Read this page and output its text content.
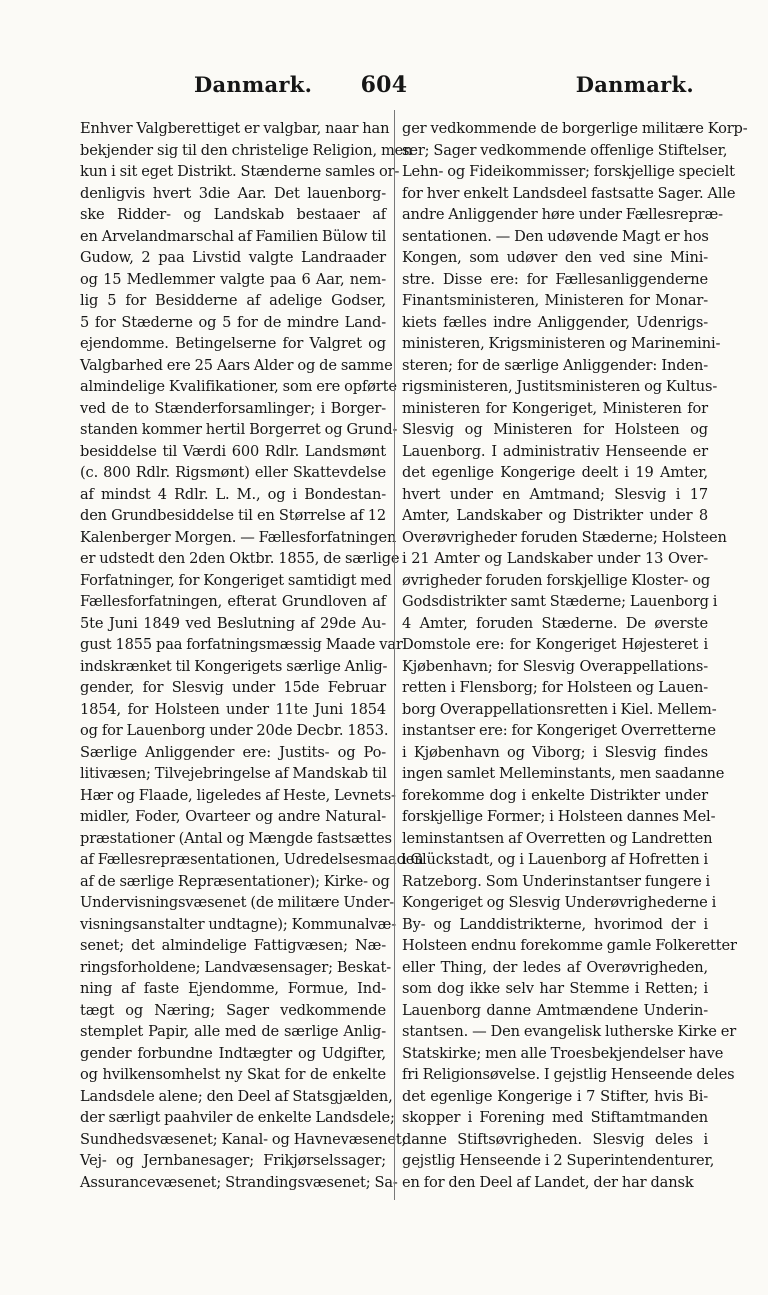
Danmark.	604	Danmark.
Enhver Valgberettiget er valgbar, naar han
bekjender sig til den christelige Religion, men
kun i sit eget Distrikt. Stænderne samles or-
denligvis hvert 3die Aar. Det lauenborg-
ske Ridder- og Landskab bestaaer af
en Arvelandmarschal af Familien Bülow til
Gudow, 2 paa Livstid valgte Landraader
og 15 Medlemmer valgte paa 6 Aar, nem-
lig 5 for Besidderne af adelige Godser,
5 for Stæderne og 5 for de mindre Land-
ejendomme. Betingelserne for Valgret og
Valgbarhed ere 25 Aars Alder og de samme
almindelige Kvalifikationer, som ere opførte
ved de to Stænderforsamlinger; i Borger-
standen kommer hertil Borgerret og Grund-
besiddelse til Værdi 600 Rdlr. Landsmønt
(c. 800 Rdlr. Rigsmønt) eller Skattevdelse
af mindst 4 Rdlr. L. M., og i Bondestan-
den Grundbesiddelse til en Størrelse af 12
Kalenberger Morgen. — Fællesforfatningen
er udstedt den 2den Oktbr. 1855, de særlige
Forfatninger, for Kongeriget samtidigt med
Fællesforfatningen, efterat Grundloven af
5te Juni 1849 ved Beslutning af 29de Au-
gust 1855 paa forfatningsmæssig Maade var
indskrænket til Kongerigets særlige Anlig-
gender, for Slesvig under 15de Februar
1854, for Holsteen under 11te Juni 1854
og for Lauenborg under 20de Decbr. 1853.
Særlige Anliggender ere: Justits- og Po-
litivæsen; Tilvejebringelse af Mandskab til
Hær og Flaade, ligeledes af Heste, Levnets-
midler, Foder, Ovarteer og andre Natural-
præstationer (Antal og Mængde fastsættes
af Fællesrepræsentationen, Udredelsesmaaden
af de særlige Repræsentationer); Kirke- og
Undervisningsvæsenet (de militære Under-
visningsanstalter undtagne); Kommunalvæ-
senet; det almindelige Fattigvæsen; Næ-
ringsforholdene; Landvæsensager; Beskat-
ning af faste Ejendomme, Formue, Ind-
tægt og Næring; Sager vedkommende
stemplet Papir, alle med de særlige Anlig-
gender forbundne Indtægter og Udgifter,
og hvilkensomhelst ny Skat for de enkelte
Landsdele alene; den Deel af Statsgjælden,
der særligt paahviler de enkelte Landsdele;
Sundhedsvæsenet; Kanal- og Havnevæsenet;
Vej- og Jernbanesager; Frikjørselssager;
Assurancevæsenet; Strandingsvæsenet; Sa-
ger vedkommende de borgerlige militære Korp-
ser; Sager vedkommende offenlige Stiftelser,
Lehn- og Fideikommisser; forskjellige specielt
for hver enkelt Landsdeel fastsatte Sager. Alle
andre Anliggender høre under Fællesrepræ-
sentationen. — Den udøvende Magt er hos
Kongen, som udøver den ved sine Mini-
stre. Disse ere: for Fællesanliggenderne
Finantsministeren, Ministeren for Monar-
kiets fælles indre Anliggender, Udenrigs-
ministeren, Krigsministeren og Marinemini-
steren; for de særlige Anliggender: Inden-
rigsministeren, Justitsministeren og Kultus-
ministeren for Kongeriget, Ministeren for
Slesvig og Ministeren for Holsteen og
Lauenborg. I administrativ Henseende er
det egenlige Kongerige deelt i 19 Amter,
hvert under en Amtmand; Slesvig i 17
Amter, Landskaber og Distrikter under 8
Overøvrigheder foruden Stæderne; Holsteen
i 21 Amter og Landskaber under 13 Over-
øvrigheder foruden forskjellige Kloster- og
Godsdistrikter samt Stæderne; Lauenborg i
4 Amter, foruden Stæderne. De øverste
Domstole ere: for Kongeriget Højesteret i
Kjøbenhavn; for Slesvig Overappellations-
retten i Flensborg; for Holsteen og Lauen-
borg Overappellationsretten i Kiel. Mellem-
instantser ere: for Kongeriget Overretterne
i Kjøbenhavn og Viborg; i Slesvig findes
ingen samlet Melleminstants, men saadanne
forekomme dog i enkelte Distrikter under
forskjellige Former; i Holsteen dannes Mel-
leminstantsen af Overretten og Landretten
i Glückstadt, og i Lauenborg af Hofretten i
Ratzeborg. Som Underinstantser fungere i
Kongeriget og Slesvig Underøvrighederne i
By- og Landdistrikterne, hvorimod der i
Holsteen endnu forekomme gamle Folkeretter
eller Thing, der ledes af Overøvrigheden,
som dog ikke selv har Stemme i Retten; i
Lauenborg danne Amtmændene Underin-
stantsen. — Den evangelisk lutherske Kirke er
Statskirke; men alle Troesbekjendelser have
fri Religionsøvelse. I gejstlig Henseende deles
det egenlige Kongerige i 7 Stifter, hvis Bi-
skopper i Forening med Stiftamtmanden
danne Stiftsøvrigheden. Slesvig deles i
gejstlig Henseende i 2 Superintendenturer,
en for den Deel af Landet, der har dansk
